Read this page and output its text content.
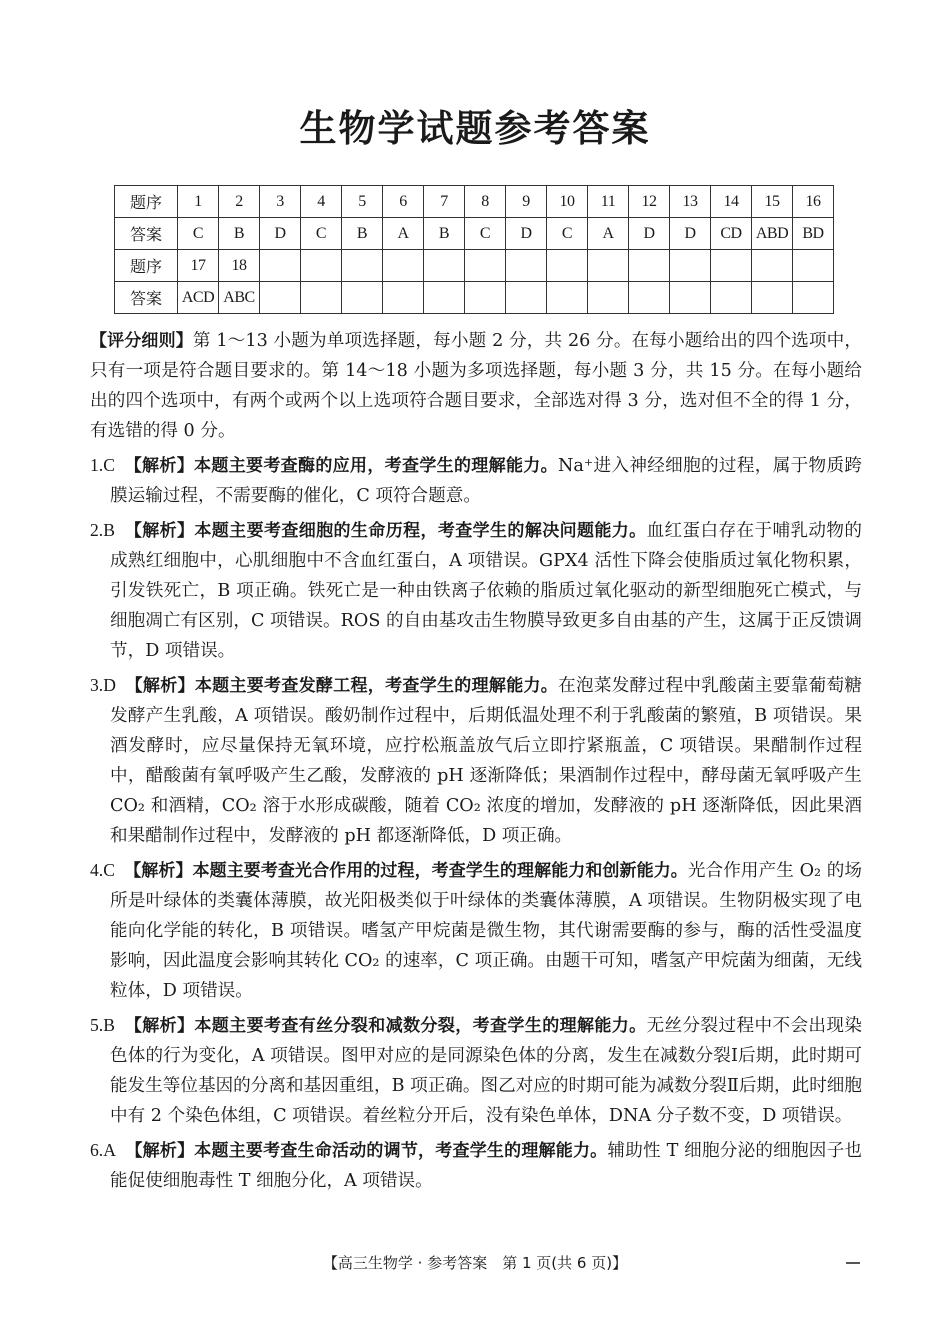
生物学试题参考答案
题序	1	2	3	4	5	6	7	8	9	10	11	12	13	14	15	16
答案	C	B	D	C	B	A	B	C	D	C	A	D	D	CD	ABD	BD
题序	17	18														
答案	ACD	ABC														

【评分细则】第 1～13 小题为单项选择题，每小题 2 分，共 26 分。在每小题给出的四个选项中，只有一项是符合题目要求的。第 14～18 小题为多项选择题，每小题 3 分，共 15 分。在每小题给出的四个选项中，有两个或两个以上选项符合题目要求，全部选对得 3 分，选对但不全的得 1 分，有选错的得 0 分。

1.C　 【解析】本题主要考查酶的应用，考查学生的理解能力。Na⁺进入神经细胞的过程，属于物质跨膜运输过程，不需要酶的催化，C 项符合题意。

2.B　 【解析】本题主要考查细胞的生命历程，考查学生的解决问题能力。血红蛋白存在于哺乳动物的成熟红细胞中，心肌细胞中不含血红蛋白，A 项错误。GPX4 活性下降会使脂质过氧化物积累，引发铁死亡，B 项正确。铁死亡是一种由铁离子依赖的脂质过氧化驱动的新型细胞死亡模式，与细胞凋亡有区别，C 项错误。ROS 的自由基攻击生物膜导致更多自由基的产生，这属于正反馈调节，D 项错误。

3.D　 【解析】本题主要考查发酵工程，考查学生的理解能力。在泡菜发酵过程中乳酸菌主要靠葡萄糖发酵产生乳酸，A 项错误。酸奶制作过程中，后期低温处理不利于乳酸菌的繁殖，B 项错误。果酒发酵时，应尽量保持无氧环境，应拧松瓶盖放气后立即拧紧瓶盖，C 项错误。果醋制作过程中，醋酸菌有氧呼吸产生乙酸，发酵液的 pH 逐渐降低；果酒制作过程中，酵母菌无氧呼吸产生 CO₂ 和酒精，CO₂ 溶于水形成碳酸，随着 CO₂ 浓度的增加，发酵液的 pH 逐渐降低，因此果酒和果醋制作过程中，发酵液的 pH 都逐渐降低，D 项正确。

4.C　 【解析】本题主要考查光合作用的过程，考查学生的理解能力和创新能力。光合作用产生 O₂ 的场所是叶绿体的类囊体薄膜，故光阳极类似于叶绿体的类囊体薄膜，A 项错误。生物阴极实现了电能向化学能的转化，B 项错误。嗜氢产甲烷菌是微生物，其代谢需要酶的参与，酶的活性受温度影响，因此温度会影响其转化 CO₂ 的速率，C 项正确。由题干可知，嗜氢产甲烷菌为细菌，无线粒体，D 项错误。

5.B　 【解析】本题主要考查有丝分裂和减数分裂，考查学生的理解能力。无丝分裂过程中不会出现染色体的行为变化，A 项错误。图甲对应的是同源染色体的分离，发生在减数分裂Ⅰ后期，此时期可能发生等位基因的分离和基因重组，B 项正确。图乙对应的时期可能为减数分裂Ⅱ后期，此时细胞中有 2 个染色体组，C 项错误。着丝粒分开后，没有染色单体，DNA 分子数不变，D 项错误。

6.A　 【解析】本题主要考查生命活动的调节，考查学生的理解能力。辅助性 T 细胞分泌的细胞因子也能促使细胞毒性 T 细胞分化，A 项错误。

【高三生物学 · 参考答案　第 1 页(共 6 页)】
